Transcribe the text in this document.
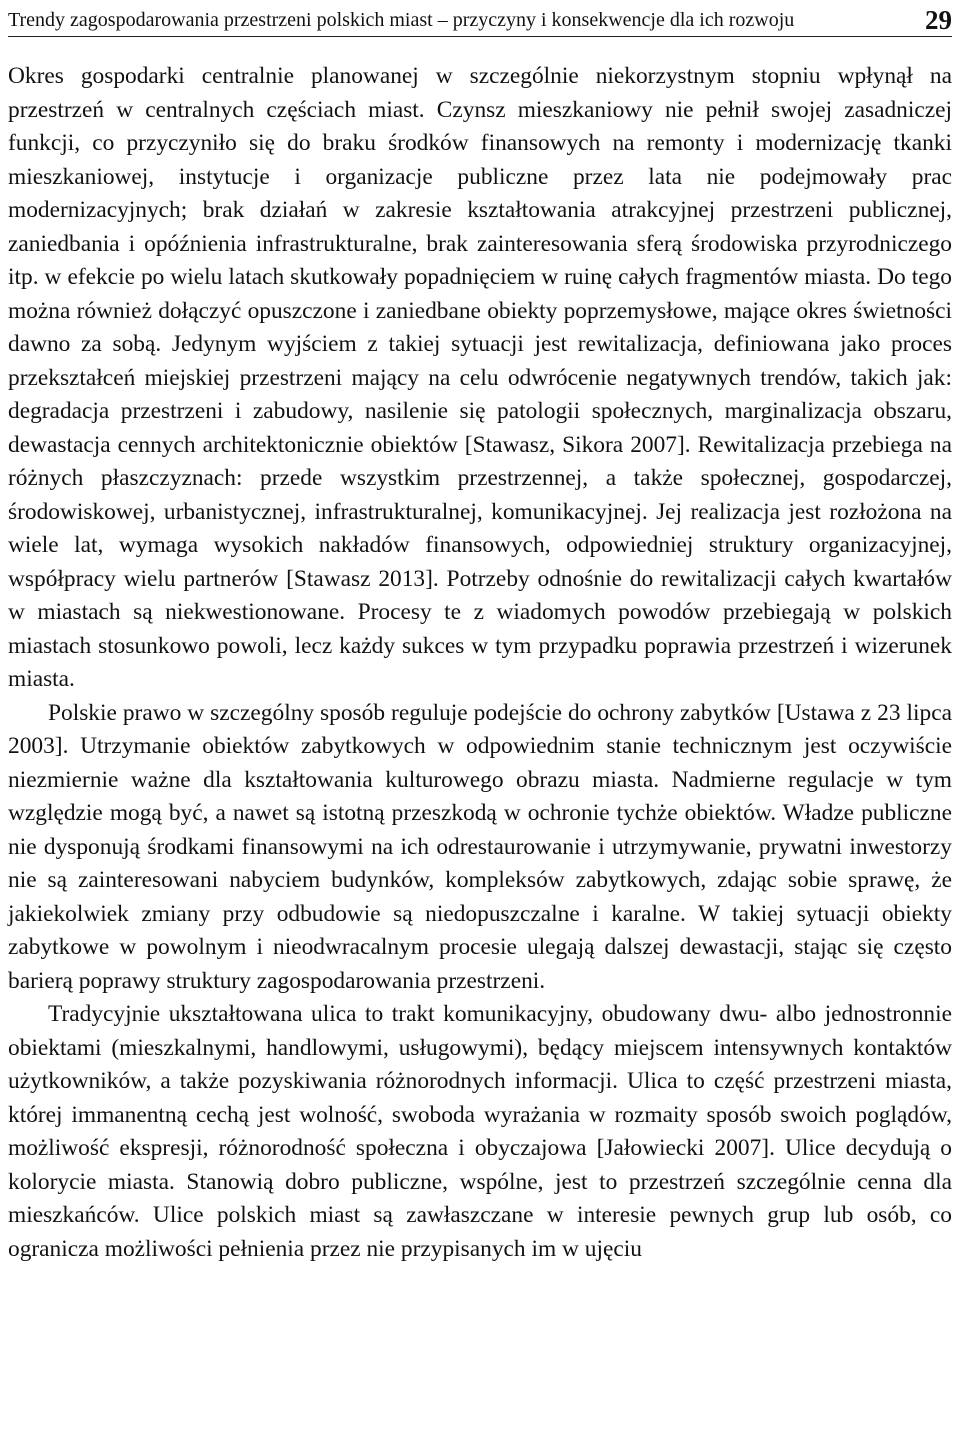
Trendy zagospodarowania przestrzeni polskich miast – przyczyny i konsekwencje dla ich rozwoju	29

Okres gospodarki centralnie planowanej w szczególnie niekorzystnym stopniu wpłynął na przestrzeń w centralnych częściach miast. Czynsz mieszkaniowy nie pełnił swojej zasadniczej funkcji, co przyczyniło się do braku środków finansowych na remonty i modernizację tkanki mieszkaniowej, instytucje i organizacje publiczne przez lata nie podejmowały prac modernizacyjnych; brak działań w zakresie kształtowania atrakcyjnej przestrzeni publicznej, zaniedbania i opóźnienia infrastrukturalne, brak zainteresowania sferą środowiska przyrodniczego itp. w efekcie po wielu latach skutkowały popadnięciem w ruinę całych fragmentów miasta. Do tego można również dołączyć opuszczone i zaniedbane obiekty poprzemysłowe, mające okres świetności dawno za sobą. Jedynym wyjściem z takiej sytuacji jest rewitalizacja, definiowana jako proces przekształceń miejskiej przestrzeni mający na celu odwrócenie negatywnych trendów, takich jak: degradacja przestrzeni i zabudowy, nasilenie się patologii społecznych, marginalizacja obszaru, dewastacja cennych architektonicznie obiektów [Stawasz, Sikora 2007]. Rewitalizacja przebiega na różnych płaszczyznach: przede wszystkim przestrzennej, a także społecznej, gospodarczej, środowiskowej, urbanistycznej, infrastrukturalnej, komunikacyjnej. Jej realizacja jest rozłożona na wiele lat, wymaga wysokich nakładów finansowych, odpowiedniej struktury organizacyjnej, współpracy wielu partnerów [Stawasz 2013]. Potrzeby odnośnie do rewitalizacji całych kwartałów w miastach są niekwestionowane. Procesy te z wiadomych powodów przebiegają w polskich miastach stosunkowo powoli, lecz każdy sukces w tym przypadku poprawia przestrzeń i wizerunek miasta.

Polskie prawo w szczególny sposób reguluje podejście do ochrony zabytków [Ustawa z 23 lipca 2003]. Utrzymanie obiektów zabytkowych w odpowiednim stanie technicznym jest oczywiście niezmiernie ważne dla kształtowania kulturowego obrazu miasta. Nadmierne regulacje w tym względzie mogą być, a nawet są istotną przeszkodą w ochronie tychże obiektów. Władze publiczne nie dysponują środkami finansowymi na ich odrestaurowanie i utrzymywanie, prywatni inwestorzy nie są zainteresowani nabyciem budynków, kompleksów zabytkowych, zdając sobie sprawę, że jakiekolwiek zmiany przy odbudowie są niedopuszczalne i karalne. W takiej sytuacji obiekty zabytkowe w powolnym i nieodwracalnym procesie ulegają dalszej dewastacji, stając się często barierą poprawy struktury zagospodarowania przestrzeni.

Tradycyjnie ukształtowana ulica to trakt komunikacyjny, obudowany dwu- albo jednostronnie obiektami (mieszkalnymi, handlowymi, usługowymi), będący miejscem intensywnych kontaktów użytkowników, a także pozyskiwania różnorodnych informacji. Ulica to część przestrzeni miasta, której immanentną cechą jest wolność, swoboda wyrażania w rozmaity sposób swoich poglądów, możliwość ekspresji, różnorodność społeczna i obyczajowa [Jałowiecki 2007]. Ulice decydują o kolorycie miasta. Stanowią dobro publiczne, wspólne, jest to przestrzeń szczególnie cenna dla mieszkańców. Ulice polskich miast są zawłaszczane w interesie pewnych grup lub osób, co ogranicza możliwości pełnienia przez nie przypisanych im w ujęciu
